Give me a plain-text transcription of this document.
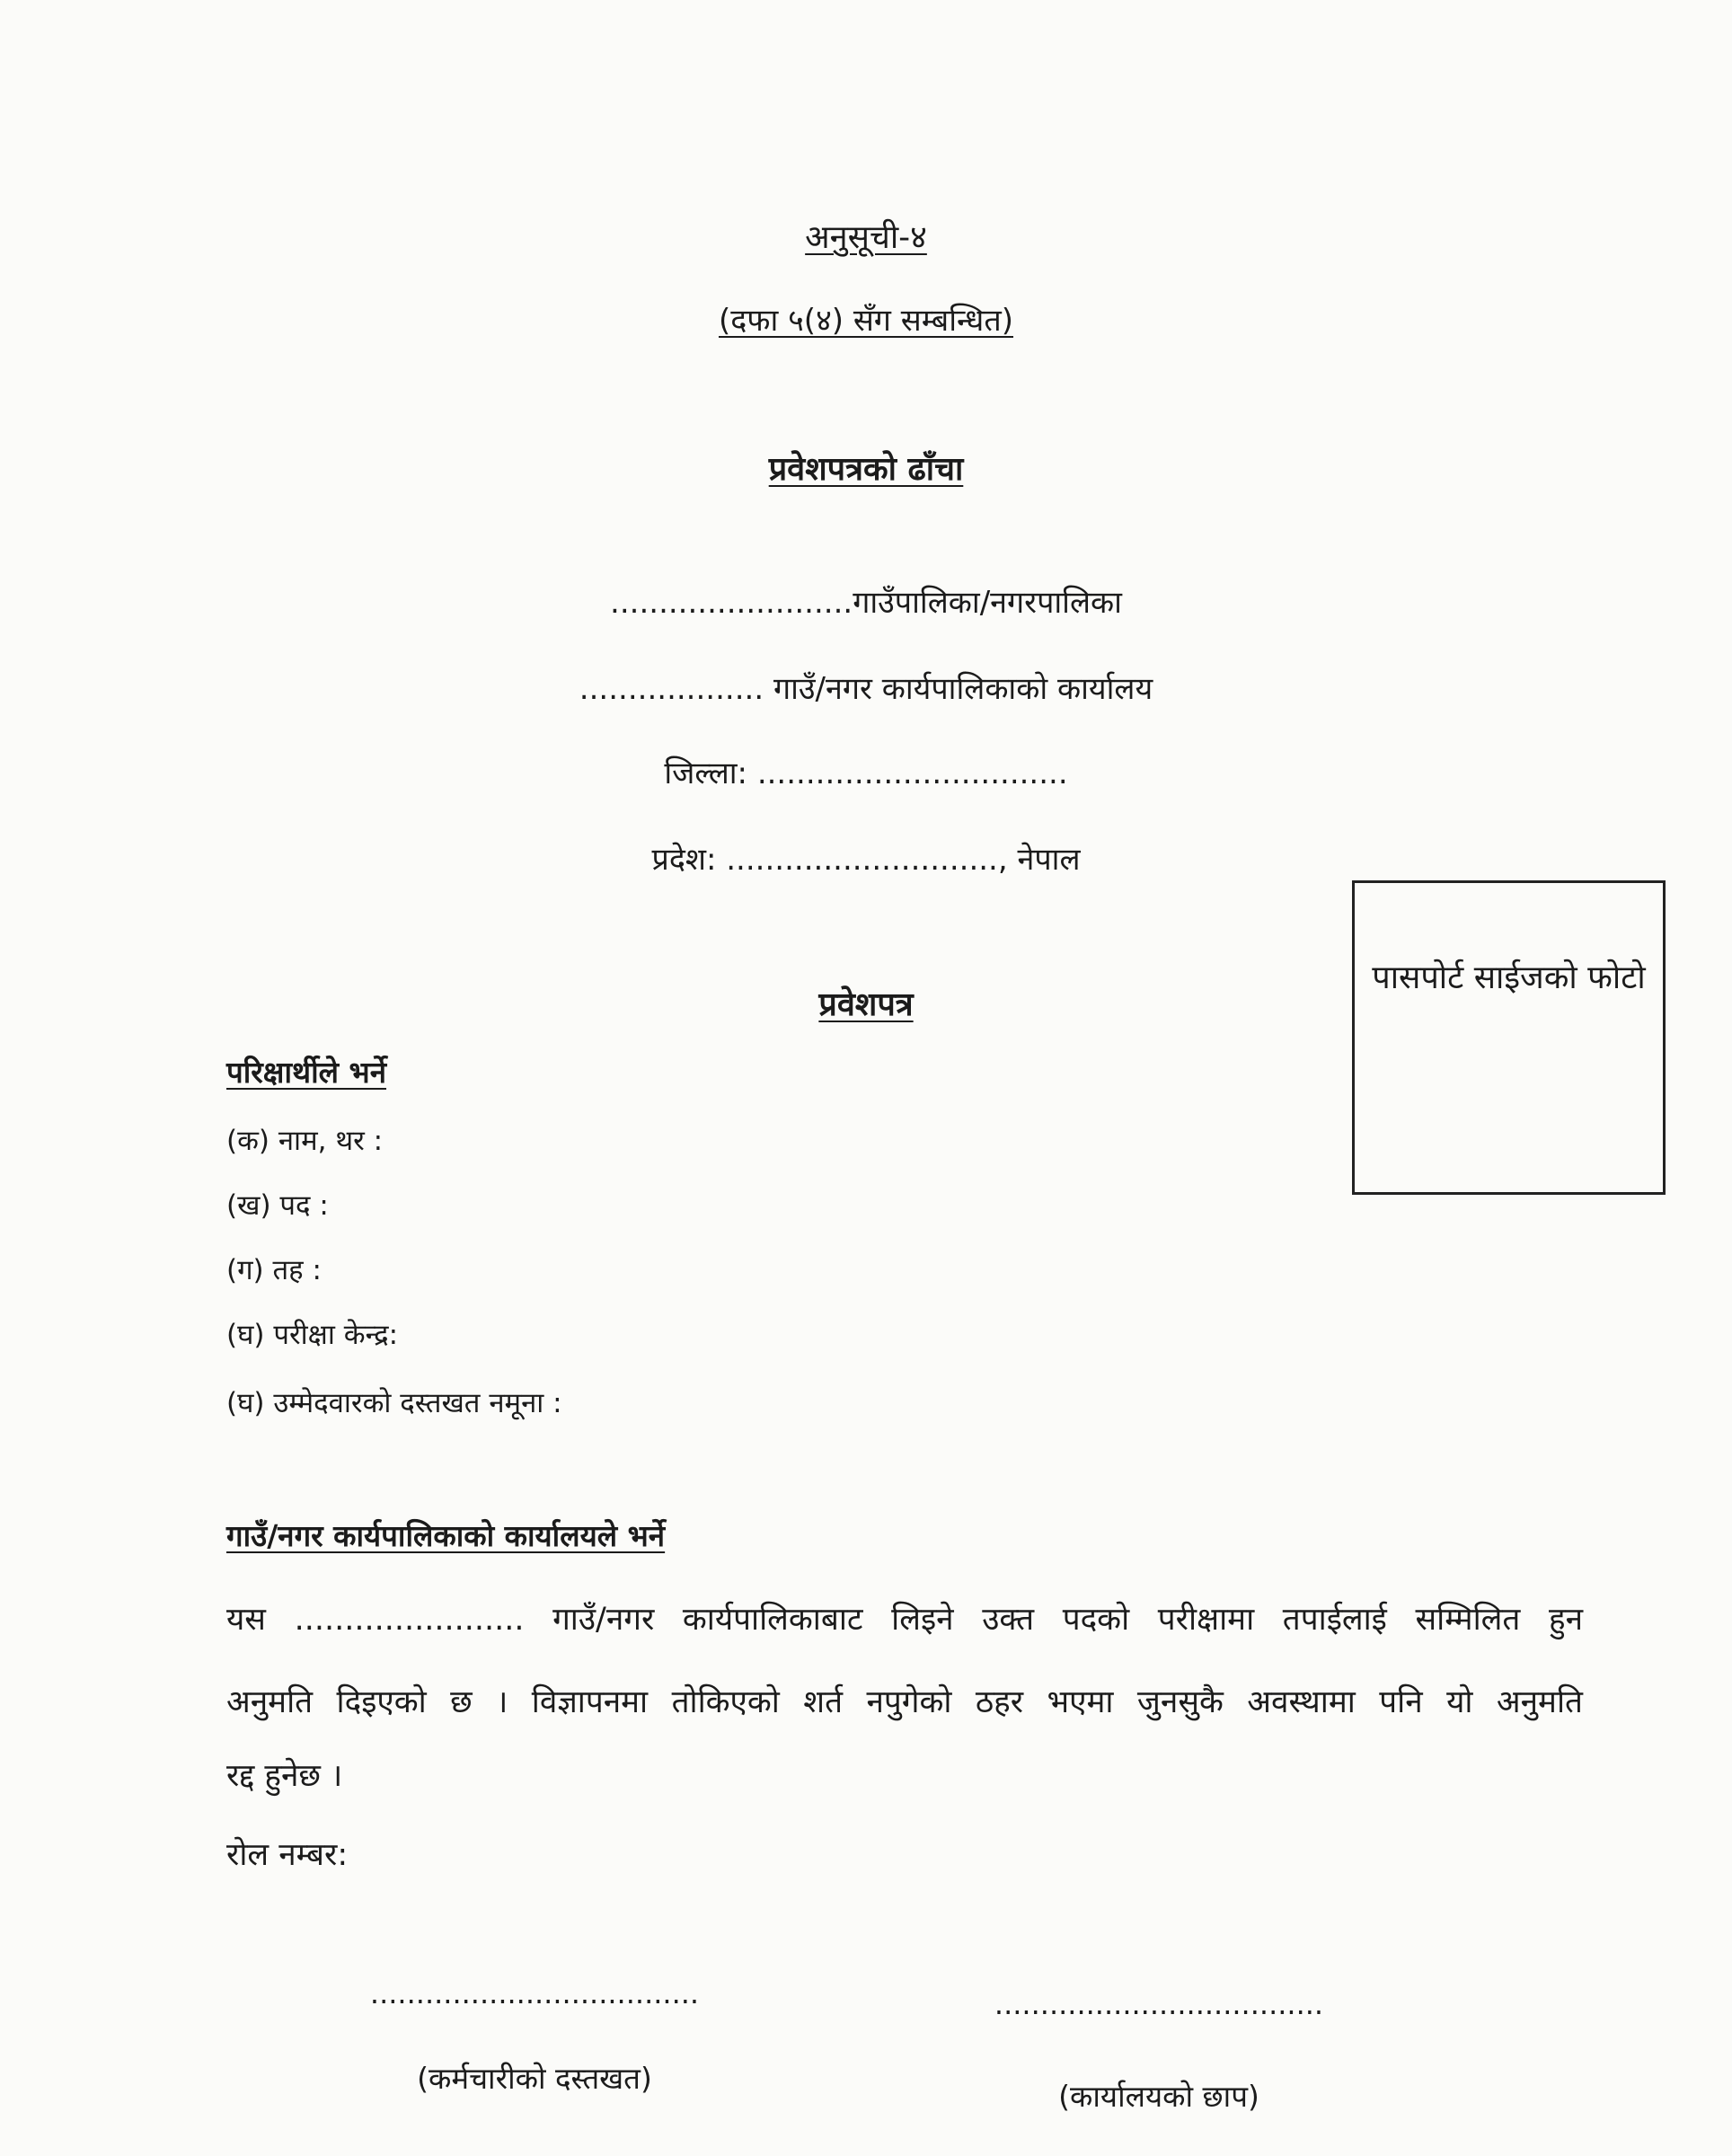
अनुसूची-४
(दफा ५(४) सँग सम्बन्धित)
प्रवेशपत्रको ढाँचा
.........................गाउँपालिका/नगरपालिका
................... गाउँ/नगर कार्यपालिकाको कार्यालय
जिल्ला: ................................
प्रदेश: ............................, नेपाल
पासपोर्ट साईजको फोटो
प्रवेशपत्र
परिक्षार्थीले भर्ने
(क) नाम, थर :
(ख) पद :
(ग) तह :
(घ) परीक्षा केन्द्र:
(घ) उम्मेदवारको दस्तखत नमूना :
गाउँ/नगर कार्यपालिकाको कार्यालयले भर्ने
यस ....................... गाउँ/नगर कार्यपालिकाबाट लिइने उक्त पदको परीक्षामा तपाईलाई सम्मिलित हुन
अनुमति दिइएको छ । विज्ञापनमा तोकिएको शर्त नपुगेको ठहर भएमा जुनसुकै अवस्थामा पनि यो अनुमति
रद्द हुनेछ ।
रोल नम्बर:
....................................
(कर्मचारीको दस्तखत)
....................................
(कार्यालयको छाप)
